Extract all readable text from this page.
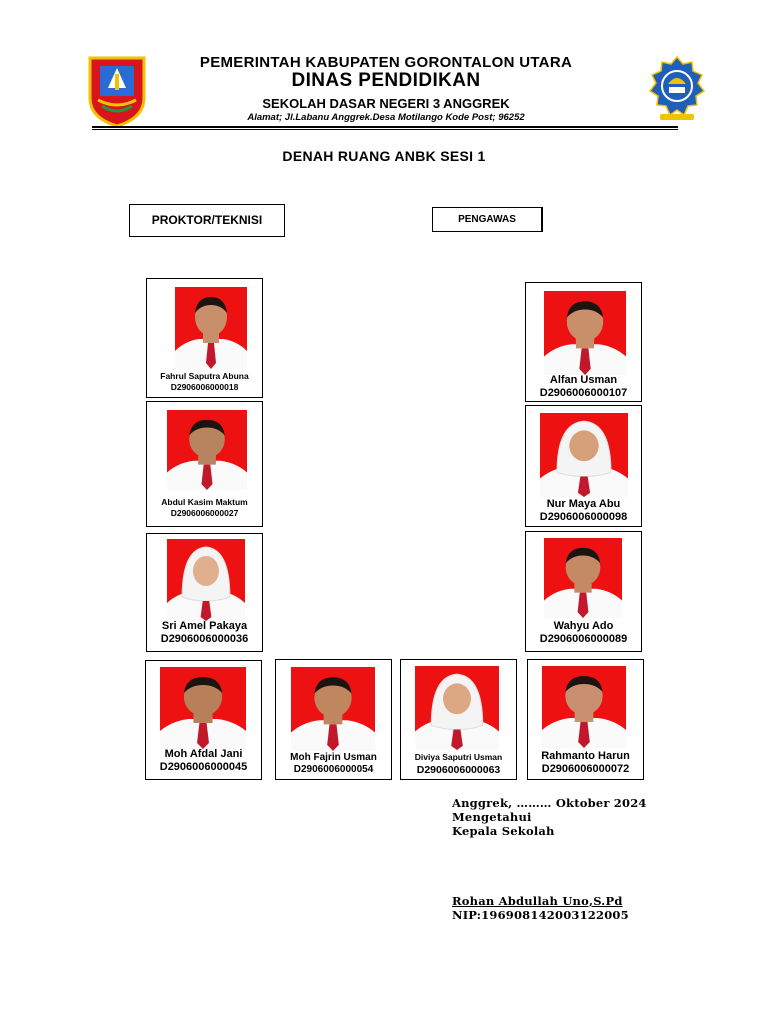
PEMERINTAH KABUPATEN GORONTALON UTARA
DINAS PENDIDIKAN
SEKOLAH DASAR NEGERI 3 ANGGREK
Alamat; Jl.Labanu Anggrek.Desa Motilango Kode Post; 96252
DENAH RUANG ANBK SESI 1
PROKTOR/TEKNISI	PENGAWAS
Fahrul Saputra Abuna
D2906006000018
Alfan Usman
D2906006000107
Abdul Kasim Maktum
D2906006000027
Nur Maya Abu
D2906006000098
Sri Amel Pakaya
D2906006000036
Wahyu Ado
D2906006000089
Moh Afdal Jani
D2906006000045
Moh Fajrin Usman
D2906006000054
Diviya Saputri Usman
D2906006000063
Rahmanto Harun
D2906006000072
Anggrek, ……… Oktober 2024
Mengetahui
Kepala Sekolah
Rohan Abdullah Uno,S.Pd
NIP:196908142003122005
